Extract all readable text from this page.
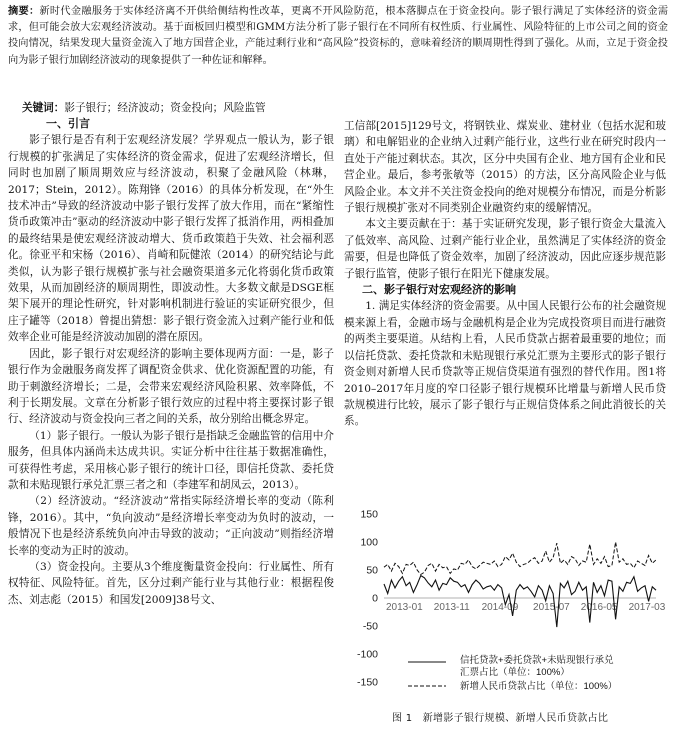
摘要：新时代金融服务于实体经济离不开供给侧结构性改革，更离不开风险防范，根本落脚点在于资金投向。影子银行满足了实体经济的资金需求，但可能会放大宏观经济波动。基于面板回归模型和GMM方法分析了影子银行在不同所有权性质、行业属性、风险特征的上市公司之间的资金投向情况，结果发现大量资金流入了地方国营企业，产能过剩行业和“高风险”投资标的，意味着经济的顺周期性得到了强化。从而，立足于资金投向为影子银行加剧经济波动的现象提供了一种佐证和解释。
关键词：影子银行；经济波动；资金投向；风险监管
一、引言

影子银行是否有利于宏观经济发展？学界观点一般认为，影子银行规模的扩张满足了实体经济的资金需求，促进了宏观经济增长，但同时也加剧了顺周期效应与经济波动，积聚了金融风险（林琳，2017；Stein，2012）。陈翔锋（2016）的具体分析发现，在“外生技术冲击”导致的经济波动中影子银行发挥了放大作用，而在“紧缩性货币政策冲击”驱动的经济波动中影子银行发挥了抵消作用，两相叠加的最终结果是使宏观经济波动增大、货币政策趋于失效、社会福利恶化。徐亚平和宋杨（2016）、肖崎和阮健浓（2014）的研究结论与此类似，认为影子银行规模扩张与社会融资渠道多元化将弱化货币政策效果，从而加剧经济的顺周期性，即波动性。大多数文献是DSGE框架下展开的理论性研究，针对影响机制进行验证的实证研究很少，但庄子罐等（2018）曾提出猜想：影子银行资金流入过剩产能行业和低效率企业可能是经济波动加剧的潜在原因。

因此，影子银行对宏观经济的影响主要体现两方面：一是，影子银行作为金融服务商发挥了调配资金供求、优化资源配置的功能，有助于刺激经济增长；二是，会带来宏观经济风险积累、效率降低，不利于长期发展。文章在分析影子银行效应的过程中将主要探讨影子银行、经济波动与资金投向三者之间的关系，故分别给出概念界定。

（1）影子银行。一般认为影子银行是指缺乏金融监管的信用中介服务，但具体内涵尚未达成共识。实证分析中往往基于数据准确性，可获得性考虑，采用核心影子银行的统计口径，即信托贷款、委托贷款和未贴现银行承兑汇票三者之和（李建军和胡凤云，2013）。

（2）经济波动。“经济波动”常指实际经济增长率的变动（陈利锋，2016）。其中，“负向波动”是经济增长率变动为负时的波动，一般情况下也是经济系统负向冲击导致的波动；“正向波动”则指经济增长率的变动为正时的波动。

（3）资金投向。主要从3个维度衡量资金投向：行业属性、所有权特征、风险特征。首先，区分过剩产能行业与其他行业：根据程俊杰、刘志彪（2015）和国发[2009]38号文、

工信部[2015]129号文，将钢铁业、煤炭业、建材业（包括水泥和玻璃）和电解铝业的企业纳入过剩产能行业，这些行业在研究时段内一直处于产能过剩状态。其次，区分中央国有企业、地方国有企业和民营企业。最后，参考张敏等（2015）的方法，区分高风险企业与低风险企业。本文并不关注资金投向的绝对规模分布情况，而是分析影子银行规模扩张对不同类别企业融资约束的缓解情况。

本文主要贡献在于：基于实证研究发现，影子银行资金大量流入了低效率、高风险、过剩产能行业企业，虽然满足了实体经济的资金需要，但是也降低了资金效率，加剧了经济波动，因此应逐步规范影子银行监管，使影子银行在阳光下健康发展。

二、影子银行对宏观经济的影响

1. 满足实体经济的资金需要。从中国人民银行公布的社会融资规模来源上看，金融市场与金融机构是企业为完成投资项目而进行融资的两类主要渠道。从结构上看，人民币贷款占据着最重要的地位；而以信托贷款、委托贷款和未贴现银行承兑汇票为主要形式的影子银行资金则对新增人民币贷款等正规信贷渠道有强烈的替代作用。图1将2010–2017年月度的窄口径影子银行规模环比增量与新增人民币贷款规模进行比较，展示了影子银行与正规信贷体系之间此消彼长的关系。

150
100
50
0
-50
-100
-150
2013-01 2013-11 2014-09 2015-07 2016-05 2017-03
信托贷款+委托贷款+未贴现银行承兑
汇票占比（单位：100%）
新增人民币贷款占比（单位：100%）
图 1　新增影子银行规模、新增人民币贷款占比
